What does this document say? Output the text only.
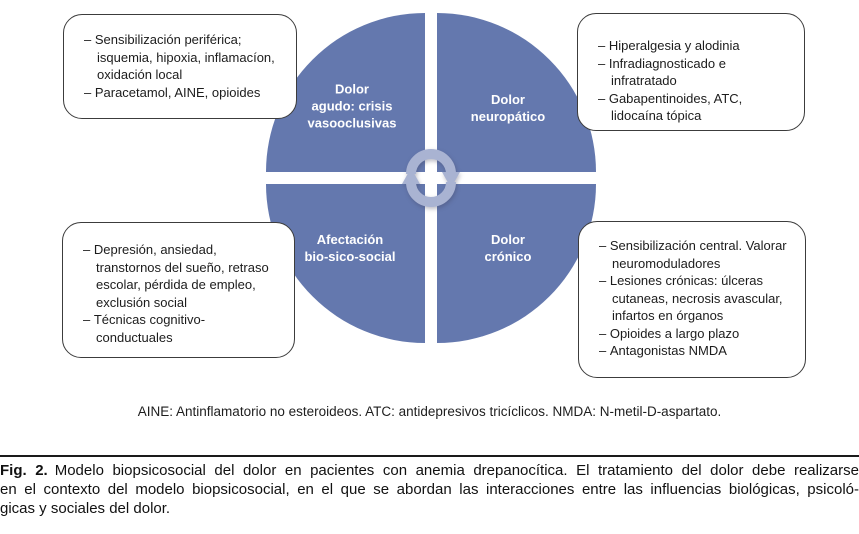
Dolor
agudo: crisis
vasooclusivas
Dolor
neuropático
Afectación
bio-sico-social
Dolor
crónico
– Sensibilización periférica; isquemia, hipoxia, inflamacíon, oxidación local
– Paracetamol, AINE, opioides
– Hiperalgesia y alodinia
– Infradiagnosticado e infratratado
– Gabapentinoides, ATC, lidocaína tópica
– Depresión, ansiedad, transtornos del sueño, retraso escolar, pérdida de empleo, exclusión social
– Técnicas cognitivo-conductuales
– Sensibilización central. Valorar neuromoduladores
– Lesiones crónicas: úlceras cutaneas, necrosis avascular, infartos en órganos
– Opioides a largo plazo
– Antagonistas NMDA
AINE: Antinflamatorio no esteroideos. ATC: antidepresivos tricíclicos. NMDA: N-metil-D-aspartato.
Fig. 2. Modelo biopsicosocial del dolor en pacientes con anemia drepanocítica. El tratamiento del dolor debe realizarse
en el contexto del modelo biopsicosocial, en el que se abordan las interacciones entre las influencias biológicas, psicoló-
gicas y sociales del dolor.
